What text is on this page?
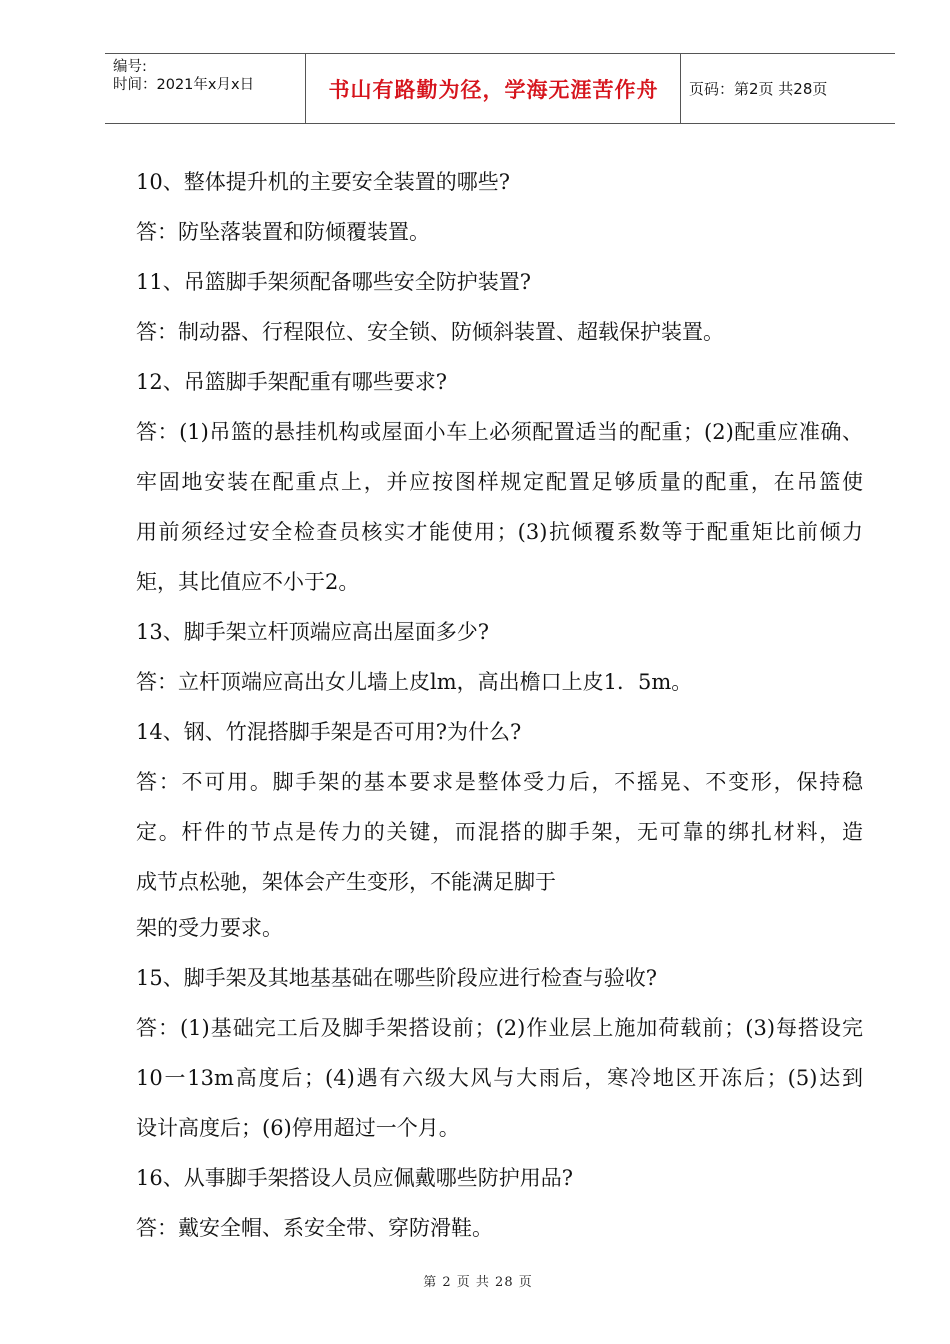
编号:
时间：2021年x月x日	书山有路勤为径，学海无涯苦作舟	页码：第2页 共28页
10、整体提升机的主要安全装置的哪些?
答：防坠落装置和防倾覆装置。
11、吊篮脚手架须配备哪些安全防护装置?
答：制动器、行程限位、安全锁、防倾斜装置、超载保护装置。
12、吊篮脚手架配重有哪些要求?
答：(1)吊篮的悬挂机构或屋面小车上必须配置适当的配重；(2)配重应准确、
牢固地安装在配重点上，并应按图样规定配置足够质量的配重，在吊篮使
用前须经过安全检查员核实才能使用；(3)抗倾覆系数等于配重矩比前倾力
矩，其比值应不小于2。
13、脚手架立杆顶端应高出屋面多少?
答：立杆顶端应高出女儿墙上皮lm，高出檐口上皮1．5m。
14、钢、竹混搭脚手架是否可用?为什么?
答：不可用。脚手架的基本要求是整体受力后，不摇晃、不变形，保持稳
定。杆件的节点是传力的关键，而混搭的脚手架，无可靠的绑扎材料，造
成节点松驰，架体会产生变形，不能满足脚于
架的受力要求。
15、脚手架及其地基基础在哪些阶段应进行检查与验收?
答：(1)基础完工后及脚手架搭设前；(2)作业层上施加荷载前；(3)每搭设完
10一13m高度后；(4)遇有六级大风与大雨后，寒冷地区开冻后；(5)达到
设计高度后；(6)停用超过一个月。
16、从事脚手架搭设人员应佩戴哪些防护用品?
答：戴安全帽、系安全带、穿防滑鞋。
第 2 页 共 28 页
